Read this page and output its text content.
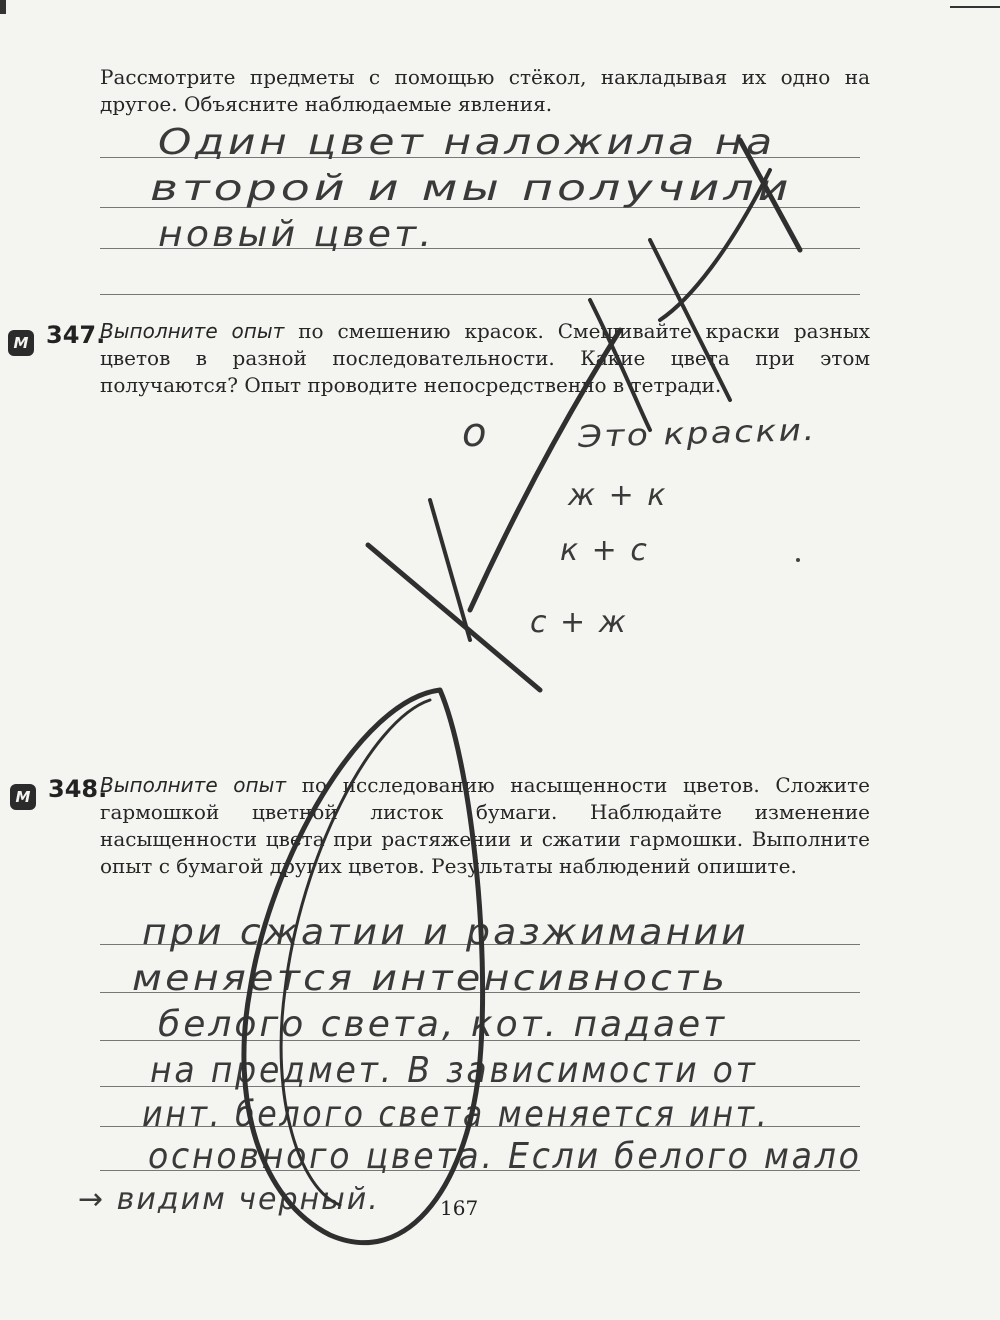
Рассмотрите предметы с помощью стёкол, накладывая их одно на другое. Объясните наблюдаемые явления.

Один цвет наложила на
второй и мы получили
новый цвет.
М 347.

Выполните опыт по смешению красок. Смешивайте краски разных цветов в разной последовательности. Какие цвета при этом получаются? Опыт проводите непосредственно в тетради.

о	Это краски.
ж + к
к + с
с + ж
М 348.

Выполните опыт по исследованию насыщенности цветов. Сложите гармошкой цветной листок бумаги. Наблюдайте изменение насыщенности цвета при растяжении и сжатии гармошки. Выполните опыт с бумагой других цветов. Результаты наблюдений опишите.

при сжатии и разжимании
меняется интенсивность
белого света, кот. падает
на предмет. В зависимости от
инт. белого света меняется инт.
основного цвета. Если белого мало
→ видим черный.	167
